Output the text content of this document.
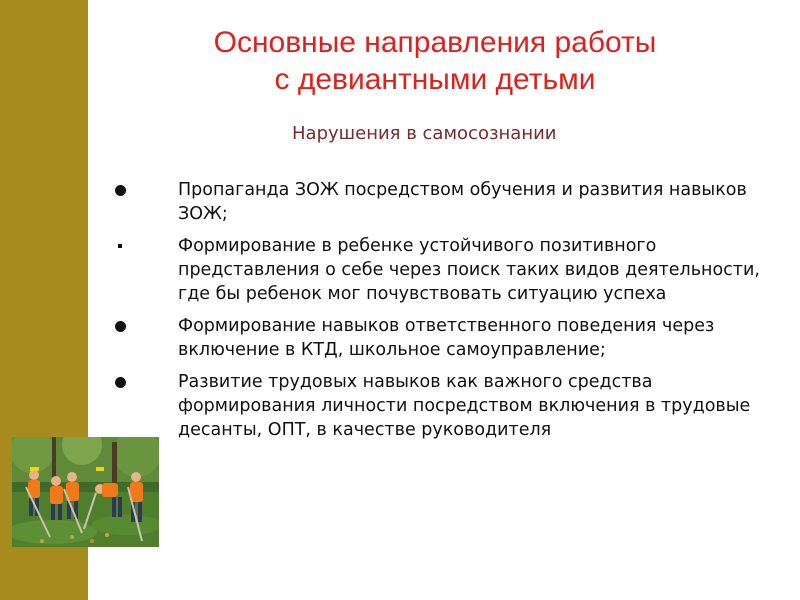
Основные направления работы
с девиантными детьми

Нарушения в самосознании

Пропаганда ЗОЖ посредством обучения и развития навыков ЗОЖ;
Формирование в ребенке устойчивого позитивного представления о себе через поиск таких видов деятельности, где бы ребенок мог почувствовать ситуацию успеха
Формирование навыков ответственного поведения через включение в КТД, школьное самоуправление;
Развитие трудовых навыков как важного средства формирования личности посредством включения в трудовые десанты, ОПТ, в качестве руководителя
